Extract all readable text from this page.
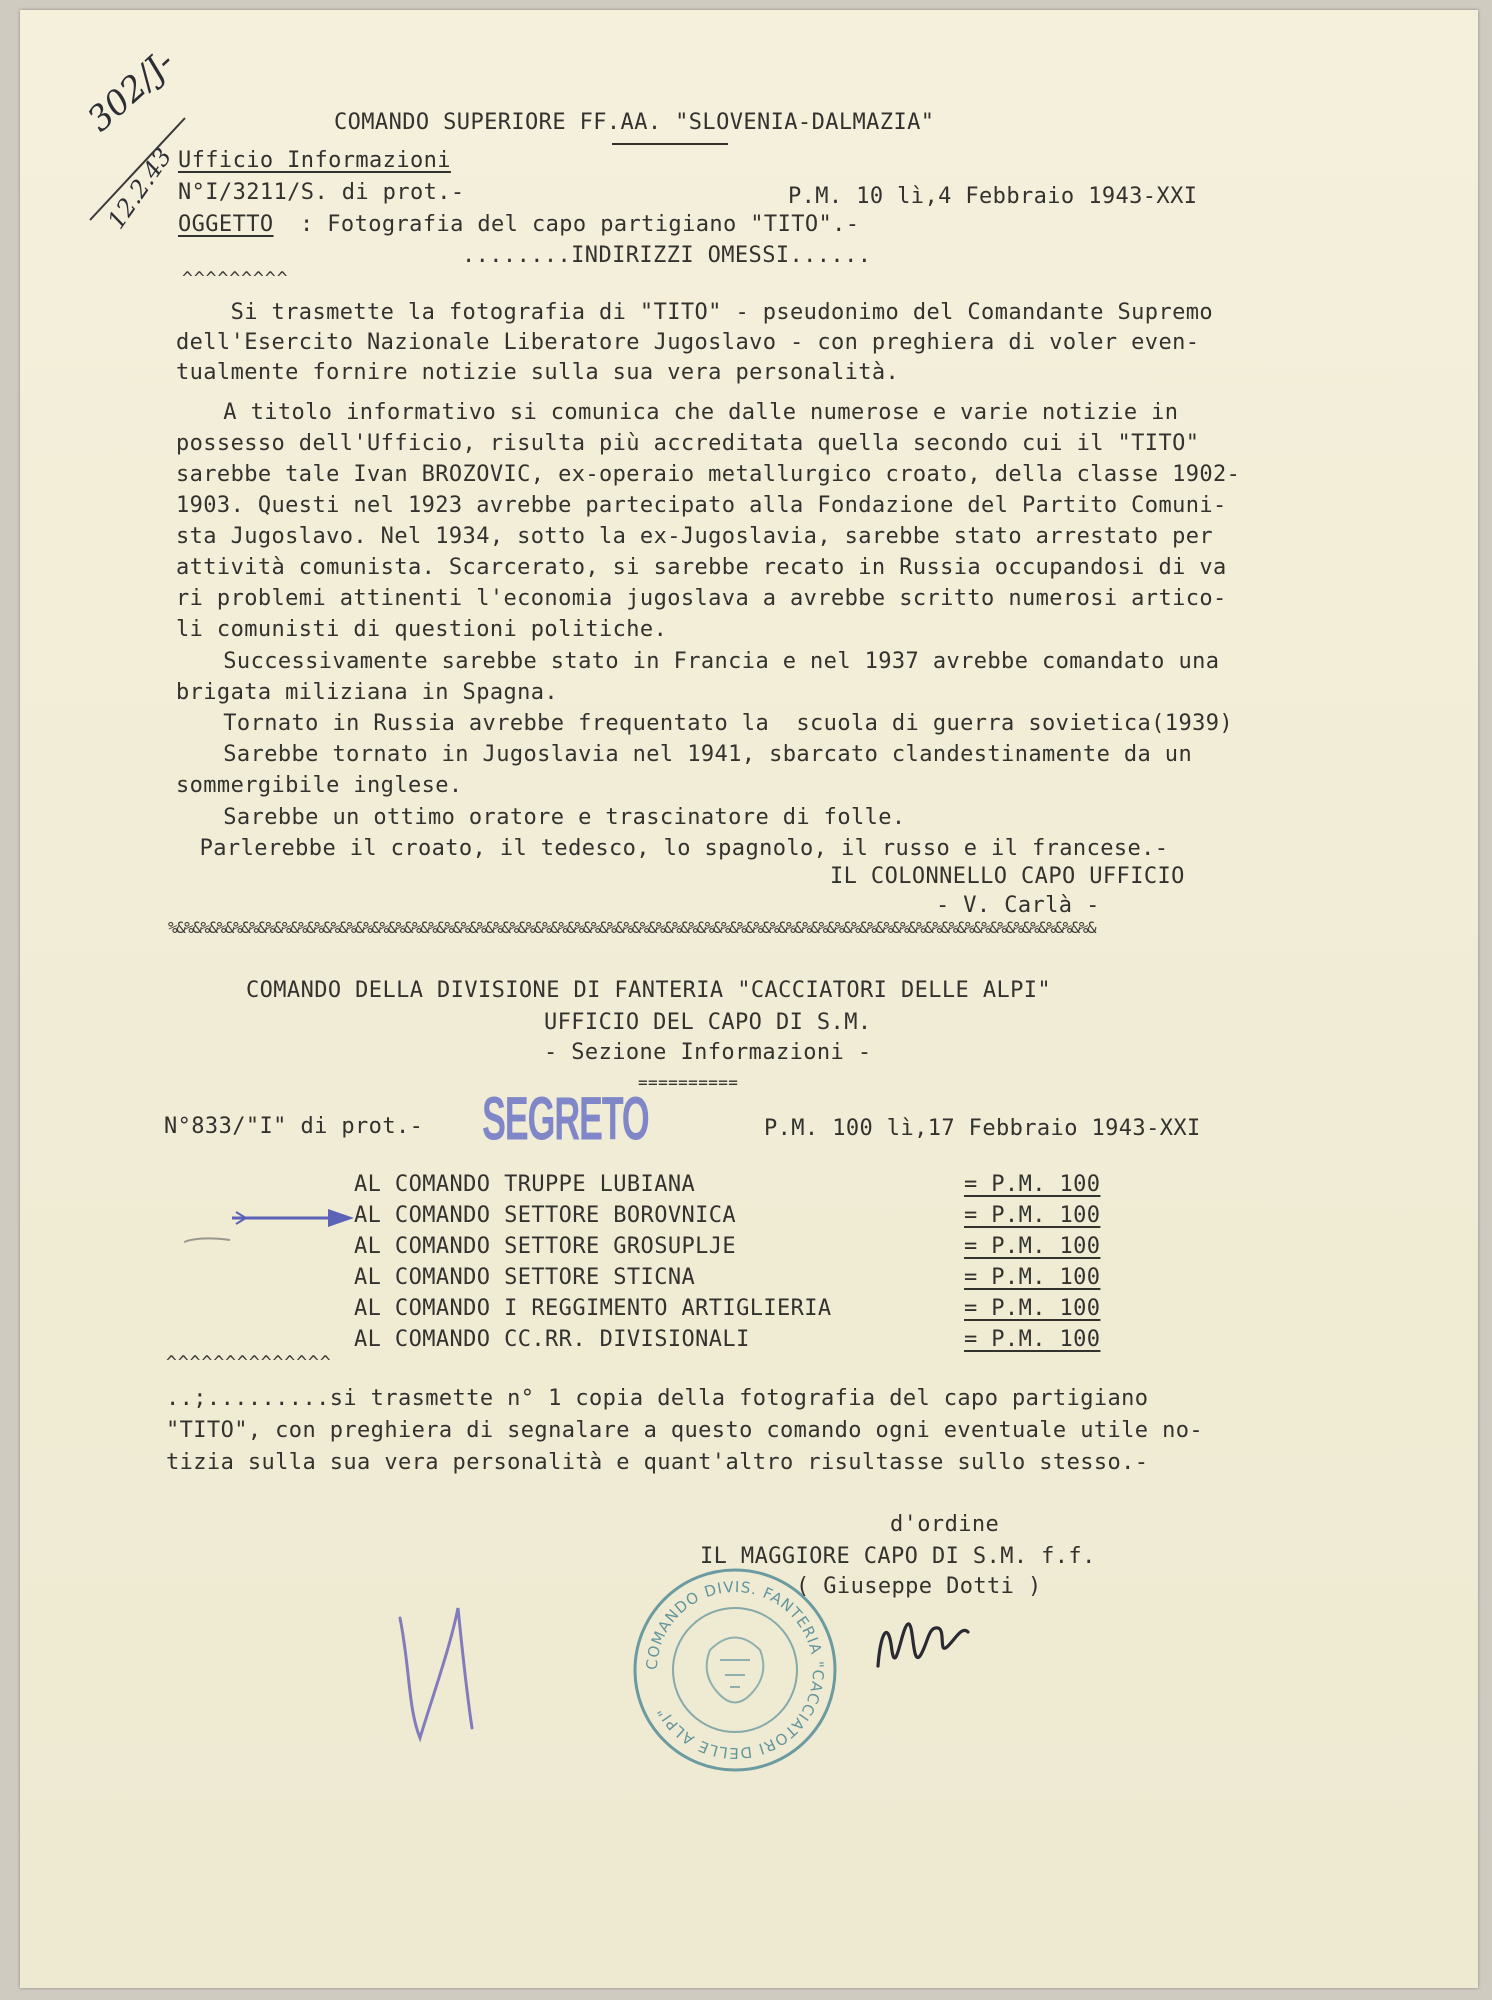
302/J-
12.2.43
COMANDO SUPERIORE FF.AA. "SLOVENIA-DALMAZIA"
Ufficio Informazioni
N°I/3211/S. di prot.-	P.M. 10 lì,4 Febbraio 1943-XXI
OGGETTO : Fotografia del capo partigiano "TITO".-
........INDIRIZZI OMESSI......
^^^^^^^^^
Si trasmette la fotografia di "TITO" - pseudonimo del Comandante Supremo
dell'Esercito Nazionale Liberatore Jugoslavo - con preghiera di voler even-
tualmente fornire notizie sulla sua vera personalità.
A titolo informativo si comunica che dalle numerose e varie notizie in
possesso dell'Ufficio, risulta più accreditata quella secondo cui il "TITO"
sarebbe tale Ivan BROZOVIC, ex-operaio metallurgico croato, della classe 1902-
1903. Questi nel 1923 avrebbe partecipato alla Fondazione del Partito Comuni-
sta Jugoslavo. Nel 1934, sotto la ex-Jugoslavia, sarebbe stato arrestato per
attività comunista. Scarcerato, si sarebbe recato in Russia occupandosi di va
ri problemi attinenti l'economia jugoslava a avrebbe scritto numerosi artico-
li comunisti di questioni politiche.
Successivamente sarebbe stato in Francia e nel 1937 avrebbe comandato una
brigata miliziana in Spagna.
Tornato in Russia avrebbe frequentato la  scuola di guerra sovietica(1939)
Sarebbe tornato in Jugoslavia nel 1941, sbarcato clandestinamente da un
sommergibile inglese.
Sarebbe un ottimo oratore e trascinatore di folle.
Parlerebbe il croato, il tedesco, lo spagnolo, il russo e il francese.-
IL COLONNELLO CAPO UFFICIO
- V. Carlà -
%&%&%&%&%&%&%&%&%&%&%&%&%&%&%&%&%&%&%&%&%&%&%&%&%&%&%&%&%&%&%&%&%&%&%&%&%&%&%&%&%&%&%&%&%&%&%&%&%&%&%&%&%&%&%&%&%&
COMANDO DELLA DIVISIONE DI FANTERIA "CACCIATORI DELLE ALPI"
UFFICIO DEL CAPO DI S.M.
- Sezione Informazioni -
==========
N°833/"I" di prot.- SEGRETO	P.M. 100 lì,17 Febbraio 1943-XXI

AL COMANDO TRUPPE LUBIANA

	= P.M. 100

AL COMANDO SETTORE BOROVNICA

	= P.M. 100

AL COMANDO SETTORE GROSUPLJE

	= P.M. 100

AL COMANDO SETTORE STICNA

	= P.M. 100

AL COMANDO I REGGIMENTO ARTIGLIERIA

	= P.M. 100

AL COMANDO CC.RR. DIVISIONALI

	= P.M. 100

^^^^^^^^^^^^^^
..;.........si trasmette n° 1 copia della fotografia del capo partigiano
"TITO", con preghiera di segnalare a questo comando ogni eventuale utile no-
tizia sulla sua vera personalità e quant'altro risultasse sullo stesso.-
d'ordine
IL MAGGIORE CAPO DI S.M. f.f.
( Giuseppe Dotti )
COMANDO DIVIS. FANTERIA "CACCIATORI DELLE ALPI"
